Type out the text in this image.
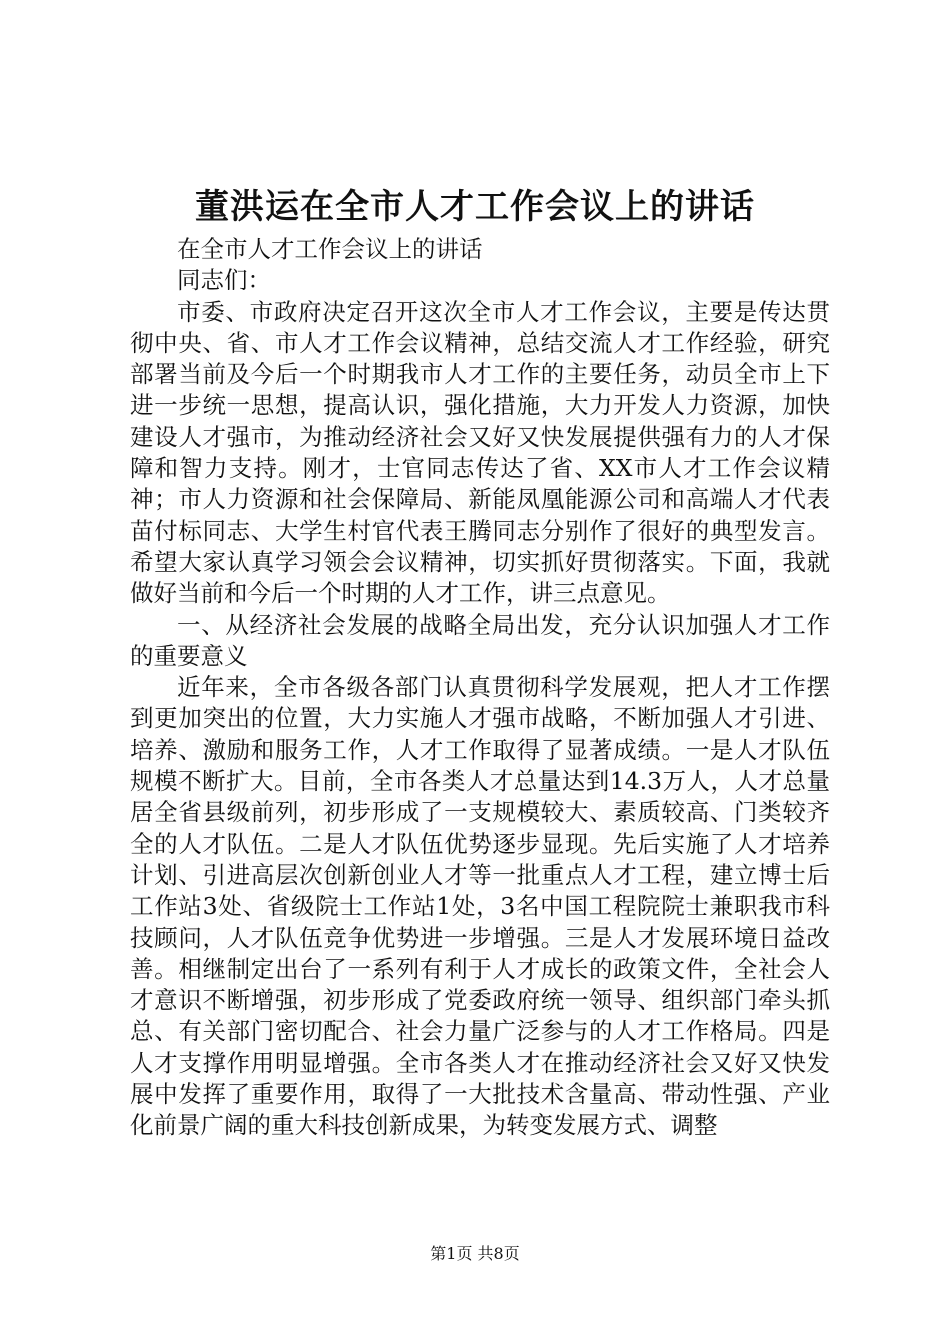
董洪运在全市人才工作会议上的讲话

在全市人才工作会议上的讲话

同志们：

市委、市政府决定召开这次全市人才工作会议，主要是传达贯彻中央、省、市人才工作会议精神，总结交流人才工作经验，研究部署当前及今后一个时期我市人才工作的主要任务，动员全市上下进一步统一思想，提高认识，强化措施，大力开发人力资源，加快建设人才强市，为推动经济社会又好又快发展提供强有力的人才保障和智力支持。刚才，士官同志传达了省、XX市人才工作会议精神；市人力资源和社会保障局、新能凤凰能源公司和高端人才代表苗付标同志、大学生村官代表王腾同志分别作了很好的典型发言。希望大家认真学习领会会议精神，切实抓好贯彻落实。下面，我就做好当前和今后一个时期的人才工作，讲三点意见。

一、从经济社会发展的战略全局出发，充分认识加强人才工作的重要意义

近年来，全市各级各部门认真贯彻科学发展观，把人才工作摆到更加突出的位置，大力实施人才强市战略，不断加强人才引进、培养、激励和服务工作，人才工作取得了显著成绩。一是人才队伍规模不断扩大。目前，全市各类人才总量达到14.3万人，人才总量居全省县级前列，初步形成了一支规模较大、素质较高、门类较齐全的人才队伍。二是人才队伍优势逐步显现。先后实施了人才培养计划、引进高层次创新创业人才等一批重点人才工程，建立博士后工作站3处、省级院士工作站1处，3名中国工程院院士兼职我市科技顾问，人才队伍竞争优势进一步增强。三是人才发展环境日益改善。相继制定出台了一系列有利于人才成长的政策文件，全社会人才意识不断增强，初步形成了党委政府统一领导、组织部门牵头抓总、有关部门密切配合、社会力量广泛参与的人才工作格局。四是人才支撑作用明显增强。全市各类人才在推动经济社会又好又快发展中发挥了重要作用，取得了一大批技术含量高、带动性强、产业化前景广阔的重大科技创新成果，为转变发展方式、调整

第1页 共8页
